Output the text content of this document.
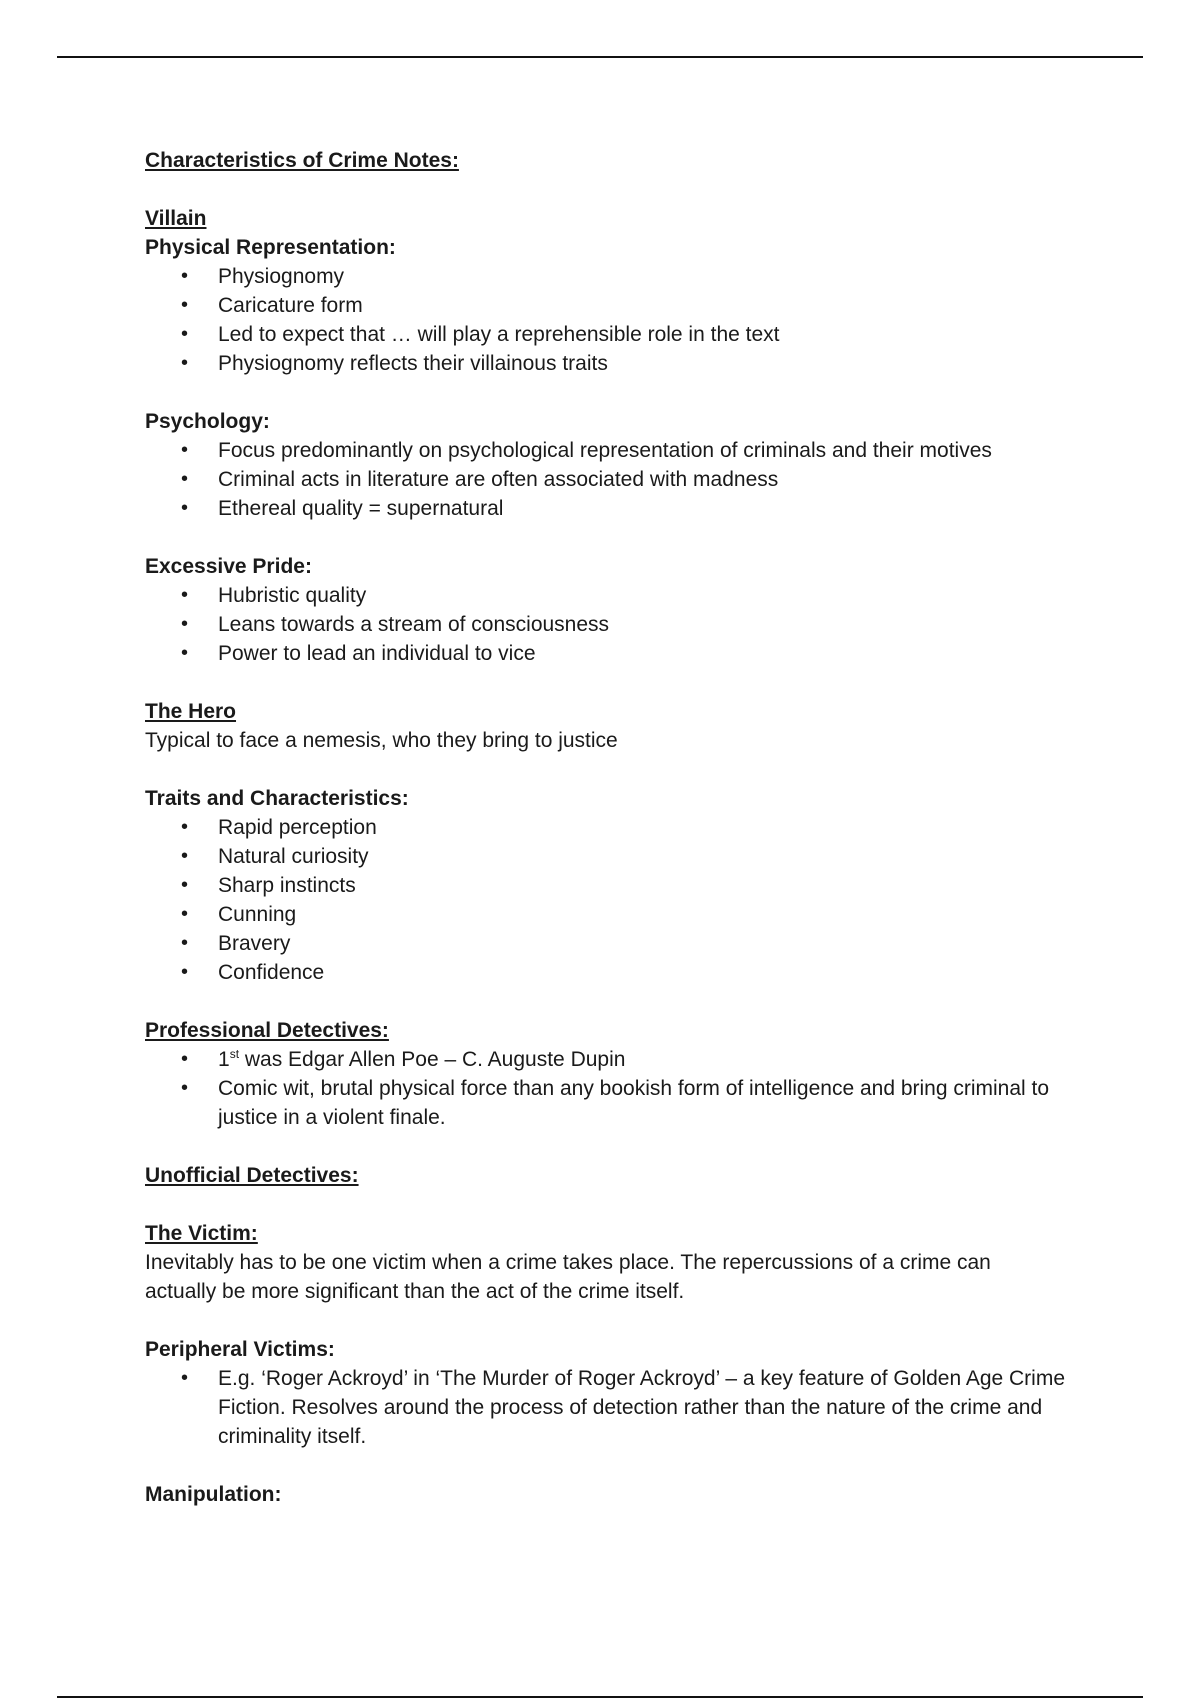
Characteristics of Crime Notes:

Villain

Physical Representation:

• Physiognomy
• Caricature form
• Led to expect that … will play a reprehensible role in the text
• Physiognomy reflects their villainous traits

Psychology:

• Focus predominantly on psychological representation of criminals and their motives
• Criminal acts in literature are often associated with madness
• Ethereal quality = supernatural

Excessive Pride:

• Hubristic quality
• Leans towards a stream of consciousness
• Power to lead an individual to vice

The Hero

Typical to face a nemesis, who they bring to justice

Traits and Characteristics:

• Rapid perception
• Natural curiosity
• Sharp instincts
• Cunning
• Bravery
• Confidence

Professional Detectives:

• 1st was Edgar Allen Poe – C. Auguste Dupin
• Comic wit, brutal physical force than any bookish form of intelligence and bring criminal to justice in a violent finale.

Unofficial Detectives:

The Victim:

Inevitably has to be one victim when a crime takes place. The repercussions of a crime can actually be more significant than the act of the crime itself.

Peripheral Victims:

• E.g. ‘Roger Ackroyd’ in ‘The Murder of Roger Ackroyd’ – a key feature of Golden Age Crime Fiction. Resolves around the process of detection rather than the nature of the crime and criminality itself.

Manipulation:
